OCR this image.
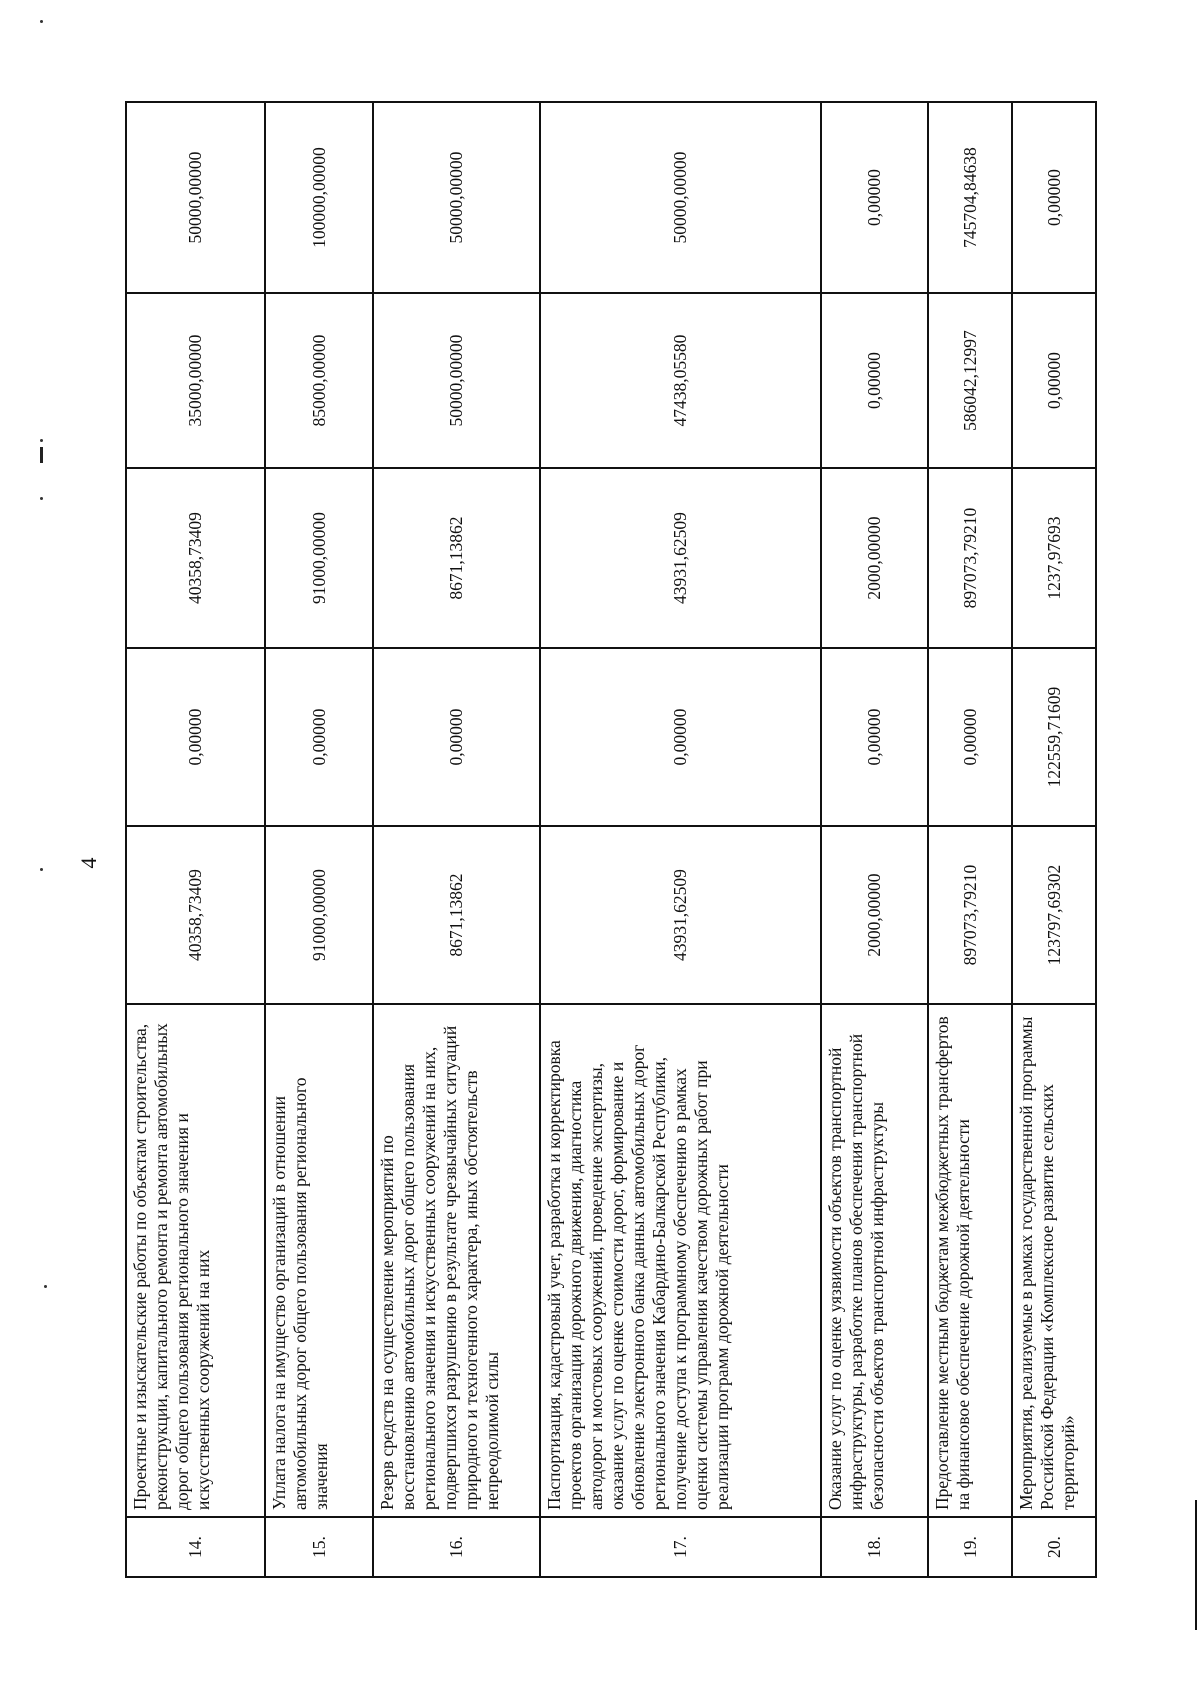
4
14.	Проектные и изыскательские работы по объектам строительства, реконструкции, капитального ремонта и ремонта автомобильных дорог общего пользования регионального значения и искусственных сооружений на них	40358,73409	0,00000	40358,73409	35000,00000	50000,00000
15.	Уплата налога на имущество организаций в отношении автомобильных дорог общего пользования регионального значения	91000,00000	0,00000	91000,00000	85000,00000	100000,00000
16.	Резерв средств на осуществление мероприятий по восстановлению автомобильных дорог общего пользования регионального значения и искусственных сооружений на них, подвергшихся разрушению в результате чрезвычайных ситуаций природного и техногенного характера, иных обстоятельств непреодолимой силы	8671,13862	0,00000	8671,13862	50000,00000	50000,00000
17.	Паспортизация, кадастровый учет, разработка и корректировка проектов организации дорожного движения, диагностика автодорог и мостовых сооружений, проведение экспертизы, оказание услуг по оценке стоимости дорог, формирование и обновление электронного банка данных автомобильных дорог регионального значения Кабардино-Балкарской Республики, получение доступа к программному обеспечению в рамках оценки системы управления качеством дорожных работ при реализации программ дорожной деятельности	43931,62509	0,00000	43931,62509	47438,05580	50000,00000
18.	Оказание услуг по оценке уязвимости объектов транспортной инфраструктуры, разработке планов обеспечения транспортной безопасности объектов транспортной инфраструктуры	2000,00000	0,00000	2000,00000	0,00000	0,00000
19.	Предоставление местным бюджетам межбюджетных трансфертов на финансовое обеспечение дорожной деятельности	897073,79210	0,00000	897073,79210	586042,12997	745704,84638
20.	Мероприятия, реализуемые в рамках государственной программы Российской Федерации «Комплексное развитие сельских территорий»	123797,69302	122559,71609	1237,97693	0,00000	0,00000
